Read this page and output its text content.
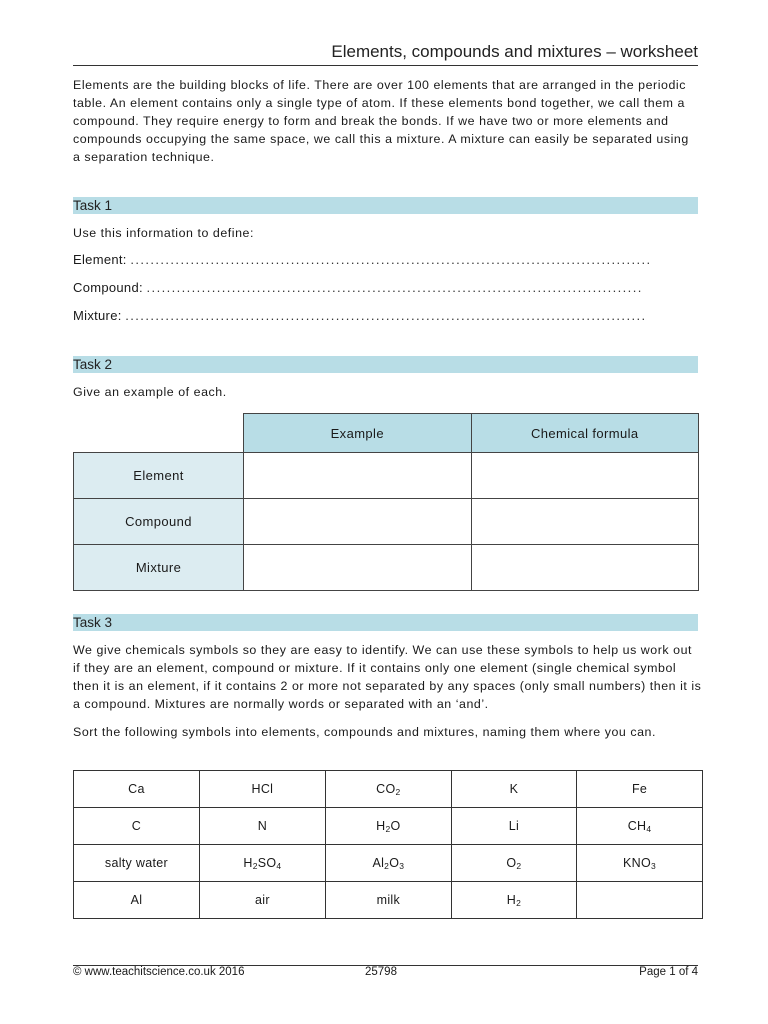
Elements, compounds and mixtures – worksheet

Elements are the building blocks of life. There are over 100 elements that are arranged in the periodic table. An element contains only a single type of atom. If these elements bond together, we call them a compound. They require energy to form and break the bonds. If we have two or more elements and compounds occupying the same space, we call this a mixture. A mixture can easily be separated using a separation technique.

Task 1
Use this information to define:
Element: ........................................................................................................
Compound: ...................................................................................................
Mixture: ........................................................................................................
Task 2
Give an example of each.
	Example	Chemical formula
Element		
Compound		
Mixture		
Task 3

We give chemicals symbols so they are easy to identify. We can use these symbols to help us work out if they are an element, compound or mixture. If it contains only one element (single chemical symbol then it is an element, if it contains 2 or more not separated by any spaces (only small numbers) then it is a compound. Mixtures are normally words or separated with an ‘and’.

Sort the following symbols into elements, compounds and mixtures, naming them where you can.

Ca	HCl	$CO_2$	K	Fe
C	N	$H_2O$	Li	$CH_4$
salty water	$H_2SO_4$	$Al_2O_3$	$O_2$	$KNO_3$
Al	air	milk	$H_2$	
© www.teachitscience.co.uk 2016	25798	Page 1 of 4
